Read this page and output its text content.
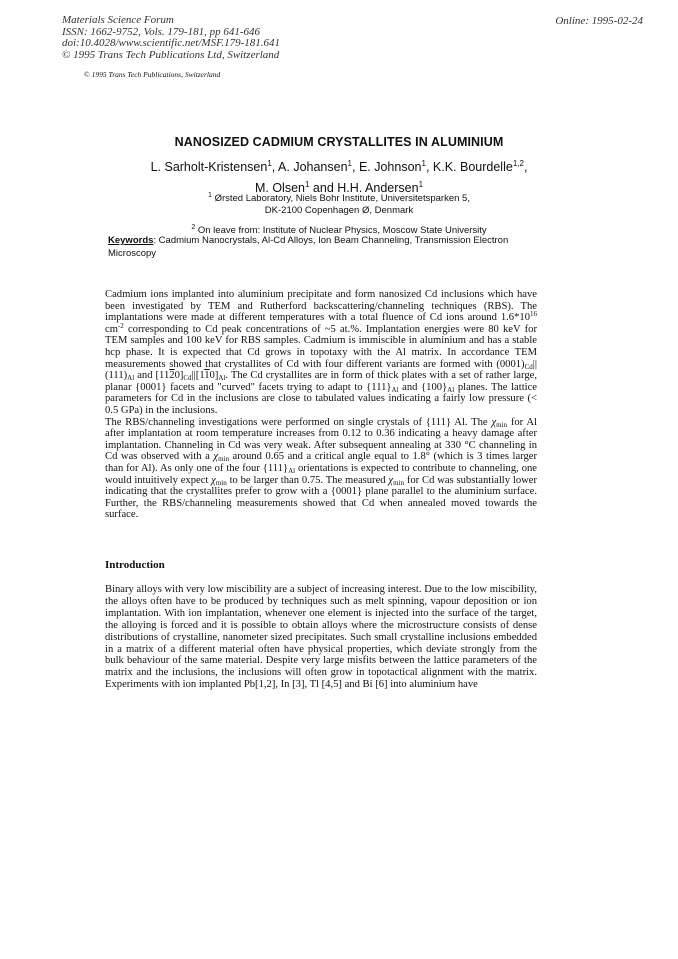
Materials Science Forum
ISSN: 1662-9752, Vols. 179-181, pp 641-646
doi:10.4028/www.scientific.net/MSF.179-181.641
© 1995 Trans Tech Publications Ltd, Switzerland
Online: 1995-02-24
© 1995 Trans Tech Publications, Switzerland
NANOSIZED CADMIUM CRYSTALLITES IN ALUMINIUM
L. Sarholt-Kristensen$^1$, A. Johansen$^1$, E. Johnson$^1$, K.K. Bourdelle$^{1,2}$,
M. Olsen$^1$ and H.H. Andersen$^1$
$^1$ Ørsted Laboratory, Niels Bohr Institute, Universitetsparken 5,
DK-2100 Copenhagen Ø, Denmark
$^2$ On leave from: Institute of Nuclear Physics, Moscow State University
Keywords: Cadmium Nanocrystals, Al-Cd Alloys, Ion Beam Channeling, Transmission Electron Microscopy

Cadmium ions implanted into aluminium precipitate and form nanosized Cd inclusions which have been investigated by TEM and Rutherford backscattering/channeling techniques (RBS). The implantations were made at different temperatures with a total fluence of Cd ions around $1.6*10^{16}$ $cm^{-2}$ corresponding to Cd peak concentrations of ~5 at.%. Implantation energies were 80 keV for TEM samples and 100 keV for RBS samples. Cadmium is immiscible in aluminium and has a stable hcp phase. It is expected that Cd grows in topotaxy with the Al matrix. In accordance TEM measurements showed that crystallites of Cd with four different variants are formed with $(0001)_{Cd}||(111)_{Al}$ and $[1120]_{Cd}||[110]_{Al}$. The Cd crystallites are in form of thick plates with a set of rather large, planar {0001} facets and "curved" facets trying to adapt to $\{111\}_{Al}$ and $\{100\}_{Al}$ planes. The lattice parameters for Cd in the inclusions are close to tabulated values indicating a fairly low pressure (< 0.5 GPa) in the inclusions.
The RBS/channeling investigations were performed on single crystals of {111} Al. The $\chi_{min}$ for Al after implantation at room temperature increases from 0.12 to 0.36 indicating a heavy damage after implantation. Channeling in Cd was very weak. After subsequent annealing at 330 °C channeling in Cd was observed with a $\chi_{min}$ around 0.65 and a critical angle equal to 1.8° (which is 3 times larger than for Al). As only one of the four $\{111\}_{Al}$ orientations is expected to contribute to channeling, one would intuitively expect $\chi_{min}$ to be larger than 0.75. The measured $\chi_{min}$ for Cd was substantially lower indicating that the crystallites prefer to grow with a {0001} plane parallel to the aluminium surface. Further, the RBS/channeling measurements showed that Cd when annealed moved towards the surface.

Introduction

Binary alloys with very low miscibility are a subject of increasing interest. Due to the low miscibility, the alloys often have to be produced by techniques such as melt spinning, vapour deposition or ion implantation. With ion implantation, whenever one element is injected into the surface of the target, the alloying is forced and it is possible to obtain alloys where the microstructure consists of dense distributions of crystalline, nanometer sized precipitates. Such small crystalline inclusions embedded in a matrix of a different material often have physical properties, which deviate strongly from the bulk behaviour of the same material. Despite very large misfits between the lattice parameters of the matrix and the inclusions, the inclusions will often grow in topotactical alignment with the matrix. Experiments with ion implanted Pb[1,2], In [3], Tl [4,5] and Bi [6] into aluminium have
